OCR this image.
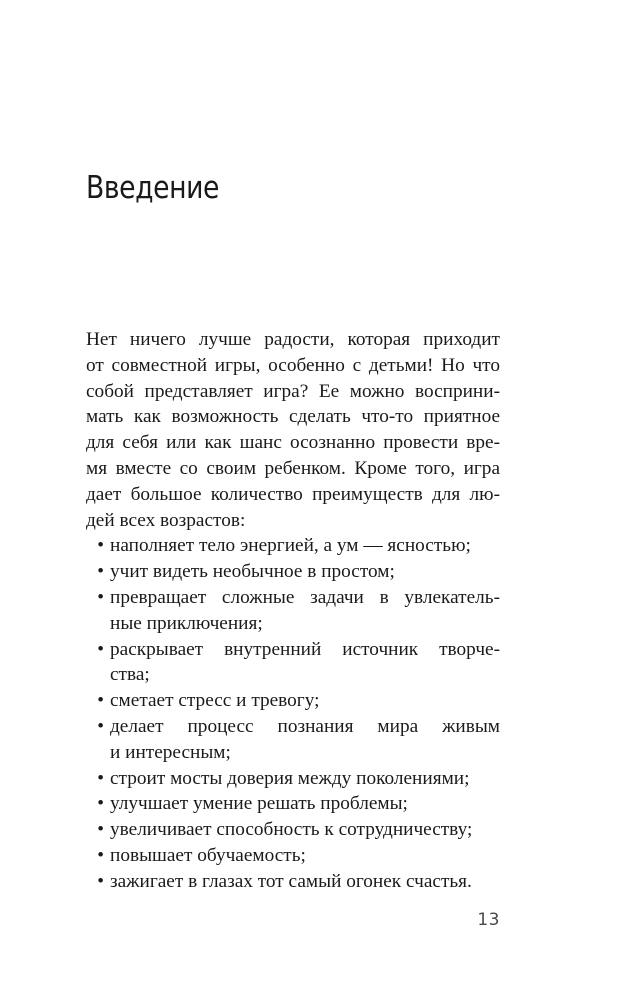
Введение

Нет ничего лучше радости, которая приходит
от совместной игры, особенно с детьми! Но что
собой представляет игра? Ее можно восприни-
мать как возможность сделать что-то приятное
для себя или как шанс осознанно провести вре-
мя вместе со своим ребенком. Кроме того, игра
дает большое количество преимуществ для лю-
дей всех возрастов:

наполняет тело энергией, а ум — ясностью;
учит видеть необычное в простом;
превращает сложные задачи в увлекатель-
ные приключения;
раскрывает внутренний источник творче-
ства;
сметает стресс и тревогу;
делает процесс познания мира живым
и интересным;
строит мосты доверия между поколениями;
улучшает умение решать проблемы;
увеличивает способность к сотрудничеству;
повышает обучаемость;
зажигает в глазах тот самый огонек счастья.
13
